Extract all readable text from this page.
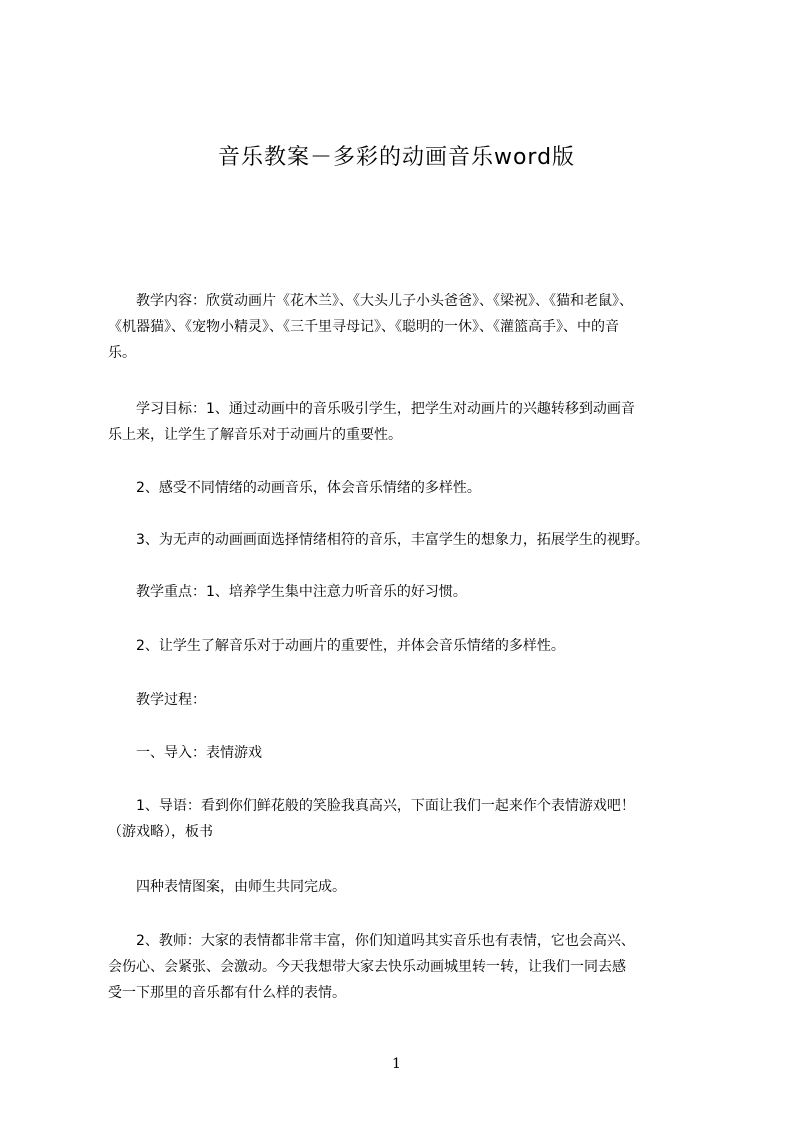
音乐教案－多彩的动画音乐word版
　　教学内容：欣赏动画片《花木兰》、《大头儿子小头爸爸》、《梁祝》、《猫和老鼠》、
《机器猫》、《宠物小精灵》、《三千里寻母记》、《聪明的一休》、《灌篮高手》、中的音
乐。
　　学习目标：1、通过动画中的音乐吸引学生，把学生对动画片的兴趣转移到动画音
乐上来，让学生了解音乐对于动画片的重要性。
　　2、感受不同情绪的动画音乐，体会音乐情绪的多样性。
　　3、为无声的动画画面选择情绪相符的音乐，丰富学生的想象力，拓展学生的视野。
　　教学重点：1、培养学生集中注意力听音乐的好习惯。
　　2、让学生了解音乐对于动画片的重要性，并体会音乐情绪的多样性。
　　教学过程：
　　一、导入：表情游戏
　　1、导语：看到你们鲜花般的笑脸我真高兴，下面让我们一起来作个表情游戏吧！
（游戏略），板书
　　四种表情图案，由师生共同完成。
　　2、教师：大家的表情都非常丰富，你们知道吗其实音乐也有表情，它也会高兴、
会伤心、会紧张、会激动。今天我想带大家去快乐动画城里转一转，让我们一同去感
受一下那里的音乐都有什么样的表情。
1
